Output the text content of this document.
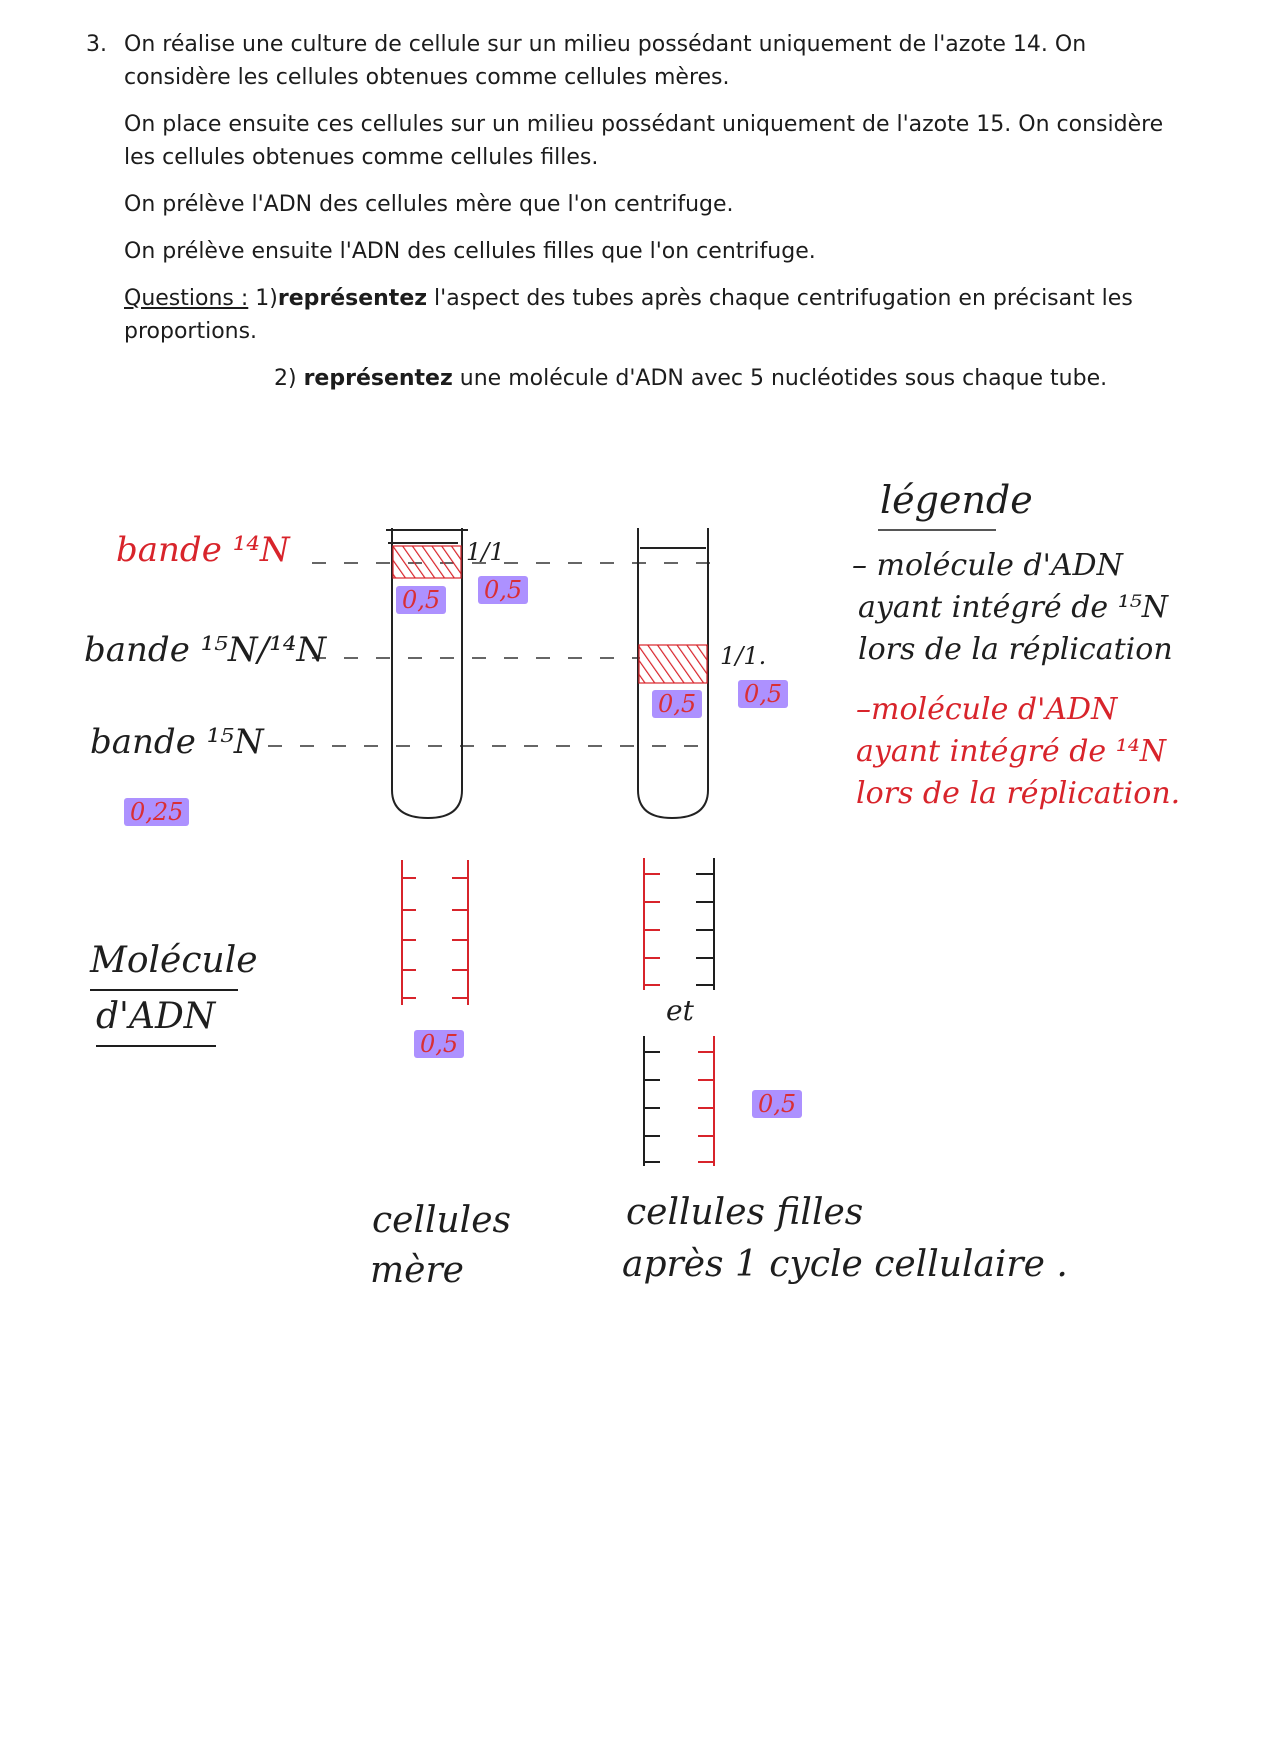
3. On réalise une culture de cellule sur un milieu possédant uniquement de l'azote 14. On
considère les cellules obtenues comme cellules mères.

On place ensuite ces cellules sur un milieu possédant uniquement de l'azote 15. On considère
les cellules obtenues comme cellules filles.

On prélève l'ADN des cellules mère que l'on centrifuge.

On prélève ensuite l'ADN des cellules filles que l'on centrifuge.

Questions : 1)représentez l'aspect des tubes après chaque centrifugation en précisant les
proportions.

2) représentez une molécule d'ADN avec 5 nucléotides sous chaque tube.

bande ¹⁴N
bande ¹⁵N/¹⁴N
bande ¹⁵N
1/1
1/1.
0,25
0,5 0,5
0,5 0,5
0,5
0,5
et
Molécule
d'ADN
légende
– molécule d'ADN
ayant intégré de ¹⁵N
lors de la réplication
–molécule d'ADN
ayant intégré de ¹⁴N
lors de la réplication.
cellules
mère
cellules filles
après 1 cycle cellulaire .
